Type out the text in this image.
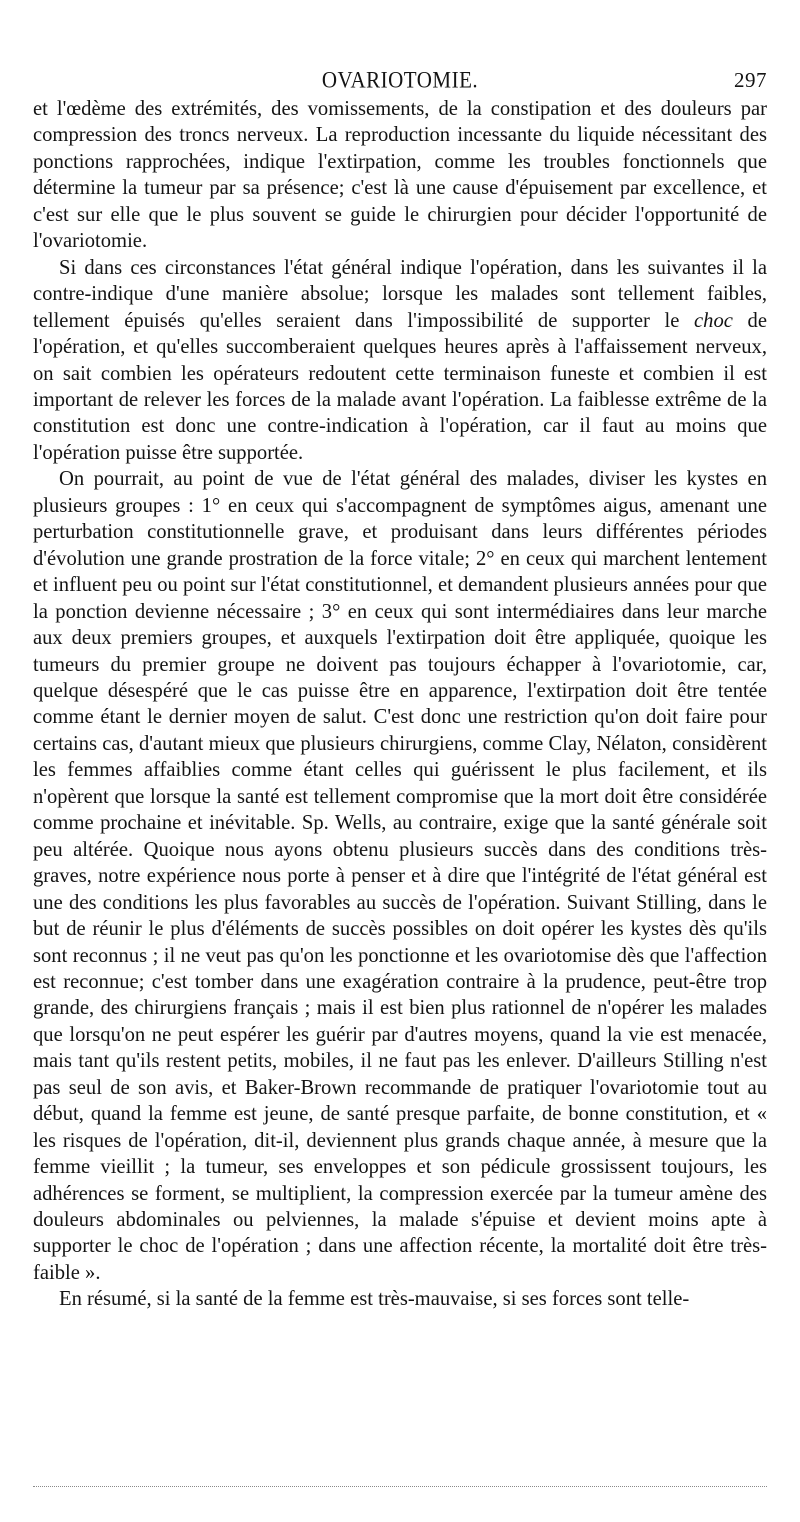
OVARIOTOMIE.	297

et l'œdème des extrémités, des vomissements, de la constipation et des douleurs par compression des troncs nerveux. La reproduction incessante du liquide nécessitant des ponctions rapprochées, indique l'extirpation, comme les troubles fonctionnels que détermine la tumeur par sa présence; c'est là une cause d'épuisement par excellence, et c'est sur elle que le plus souvent se guide le chirurgien pour décider l'opportunité de l'ovariotomie.

Si dans ces circonstances l'état général indique l'opération, dans les suivantes il la contre-indique d'une manière absolue; lorsque les malades sont tellement faibles, tellement épuisés qu'elles seraient dans l'impossibilité de supporter le choc de l'opération, et qu'elles succomberaient quelques heures après à l'affaissement nerveux, on sait combien les opérateurs redoutent cette terminaison funeste et combien il est important de relever les forces de la malade avant l'opération. La faiblesse extrême de la constitution est donc une contre-indication à l'opération, car il faut au moins que l'opération puisse être supportée.

On pourrait, au point de vue de l'état général des malades, diviser les kystes en plusieurs groupes : 1° en ceux qui s'accompagnent de symptômes aigus, amenant une perturbation constitutionnelle grave, et produisant dans leurs différentes périodes d'évolution une grande prostration de la force vitale; 2° en ceux qui marchent lentement et influent peu ou point sur l'état constitutionnel, et demandent plusieurs années pour que la ponction devienne nécessaire ; 3° en ceux qui sont intermédiaires dans leur marche aux deux premiers groupes, et auxquels l'extirpation doit être appliquée, quoique les tumeurs du premier groupe ne doivent pas toujours échapper à l'ovariotomie, car, quelque désespéré que le cas puisse être en apparence, l'extirpation doit être tentée comme étant le dernier moyen de salut. C'est donc une restriction qu'on doit faire pour certains cas, d'autant mieux que plusieurs chirurgiens, comme Clay, Nélaton, considèrent les femmes affaiblies comme étant celles qui guérissent le plus facilement, et ils n'opèrent que lorsque la santé est tellement compromise que la mort doit être considérée comme prochaine et inévitable. Sp. Wells, au contraire, exige que la santé générale soit peu altérée. Quoique nous ayons obtenu plusieurs succès dans des conditions très-graves, notre expérience nous porte à penser et à dire que l'intégrité de l'état général est une des conditions les plus favorables au succès de l'opération. Suivant Stilling, dans le but de réunir le plus d'éléments de succès possibles on doit opérer les kystes dès qu'ils sont reconnus ; il ne veut pas qu'on les ponctionne et les ovariotomise dès que l'affection est reconnue; c'est tomber dans une exagération contraire à la prudence, peut-être trop grande, des chirurgiens français ; mais il est bien plus rationnel de n'opérer les malades que lorsqu'on ne peut espérer les guérir par d'autres moyens, quand la vie est menacée, mais tant qu'ils restent petits, mobiles, il ne faut pas les enlever. D'ailleurs Stilling n'est pas seul de son avis, et Baker-Brown recommande de pratiquer l'ovariotomie tout au début, quand la femme est jeune, de santé presque parfaite, de bonne constitution, et « les risques de l'opération, dit-il, deviennent plus grands chaque année, à mesure que la femme vieillit ; la tumeur, ses enveloppes et son pédicule grossissent toujours, les adhérences se forment, se multiplient, la compression exercée par la tumeur amène des douleurs abdominales ou pelviennes, la malade s'épuise et devient moins apte à supporter le choc de l'opération ; dans une affection récente, la mortalité doit être très-faible ».

En résumé, si la santé de la femme est très-mauvaise, si ses forces sont telle-
